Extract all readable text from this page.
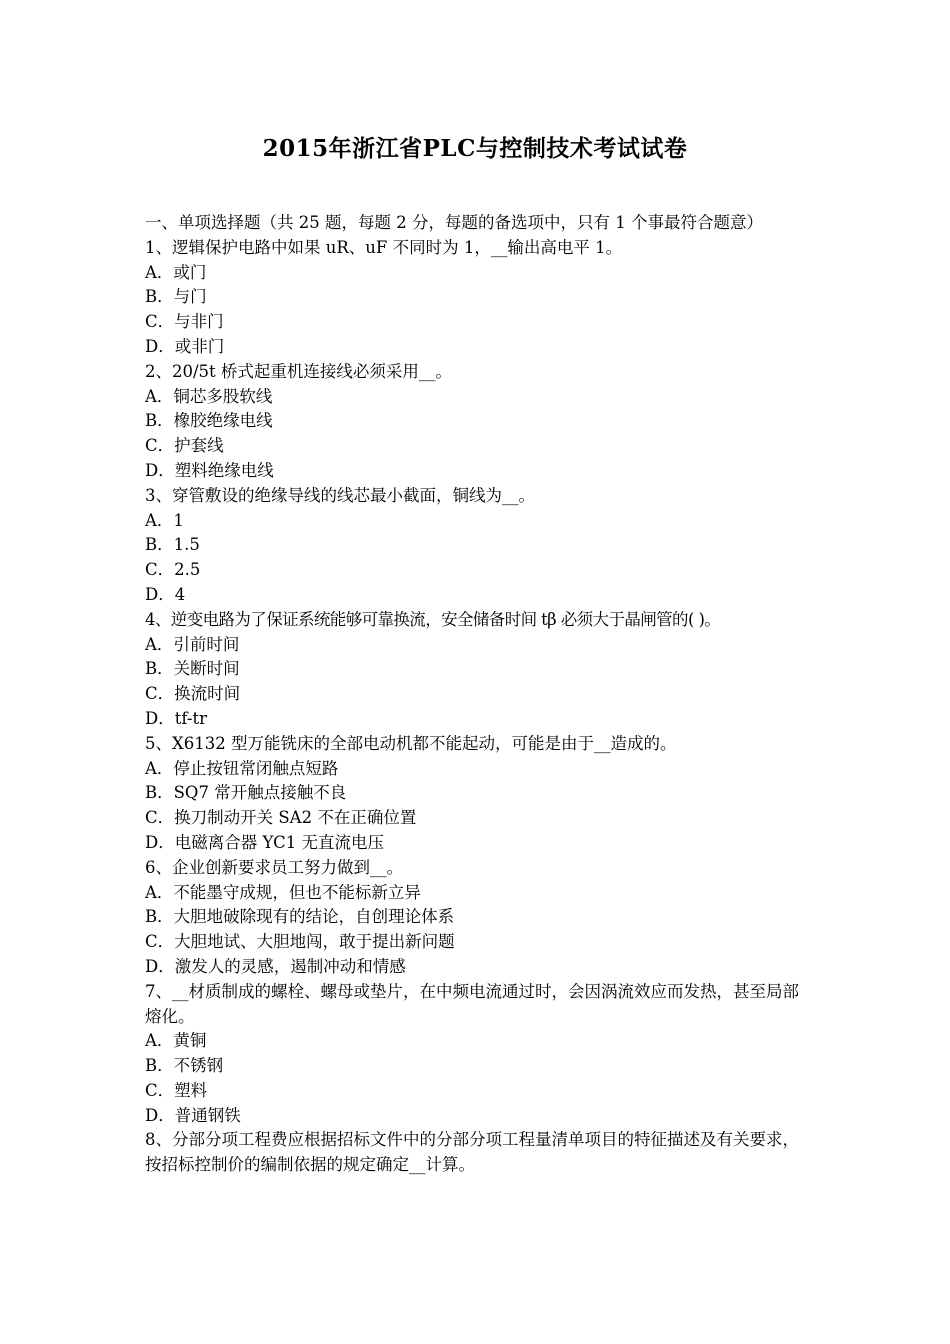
2015年浙江省PLC与控制技术考试试卷

一、单项选择题（共 25 题，每题 2 分，每题的备选项中，只有 1 个事最符合题意）

1、逻辑保护电路中如果 uR、uF 不同时为 1，__输出高电平 1。

A．或门

B．与门

C．与非门

D．或非门

2、20/5t 桥式起重机连接线必须采用__。

A．铜芯多股软线

B．橡胶绝缘电线

C．护套线

D．塑料绝缘电线

3、穿管敷设的绝缘导线的线芯最小截面，铜线为__。

A．1

B．1.5

C．2.5

D．4

4、逆变电路为了保证系统能够可靠换流，安全储备时间 tβ 必须大于晶闸管的( )。

A．引前时间

B．关断时间

C．换流时间

D．tf-tr

5、X6132 型万能铣床的全部电动机都不能起动，可能是由于__造成的。

A．停止按钮常闭触点短路

B．SQ7 常开触点接触不良

C．换刀制动开关 SA2 不在正确位置

D．电磁离合器 YC1 无直流电压

6、企业创新要求员工努力做到__。

A．不能墨守成规，但也不能标新立异

B．大胆地破除现有的结论，自创理论体系

C．大胆地试、大胆地闯，敢于提出新问题

D．激发人的灵感，遏制冲动和情感

7、__材质制成的螺栓、螺母或垫片，在中频电流通过时，会因涡流效应而发热，甚至局部熔化。

A．黄铜

B．不锈钢

C．塑料

D．普通钢铁

8、分部分项工程费应根据招标文件中的分部分项工程量清单项目的特征描述及有关要求，按招标控制价的编制依据的规定确定__计算。
